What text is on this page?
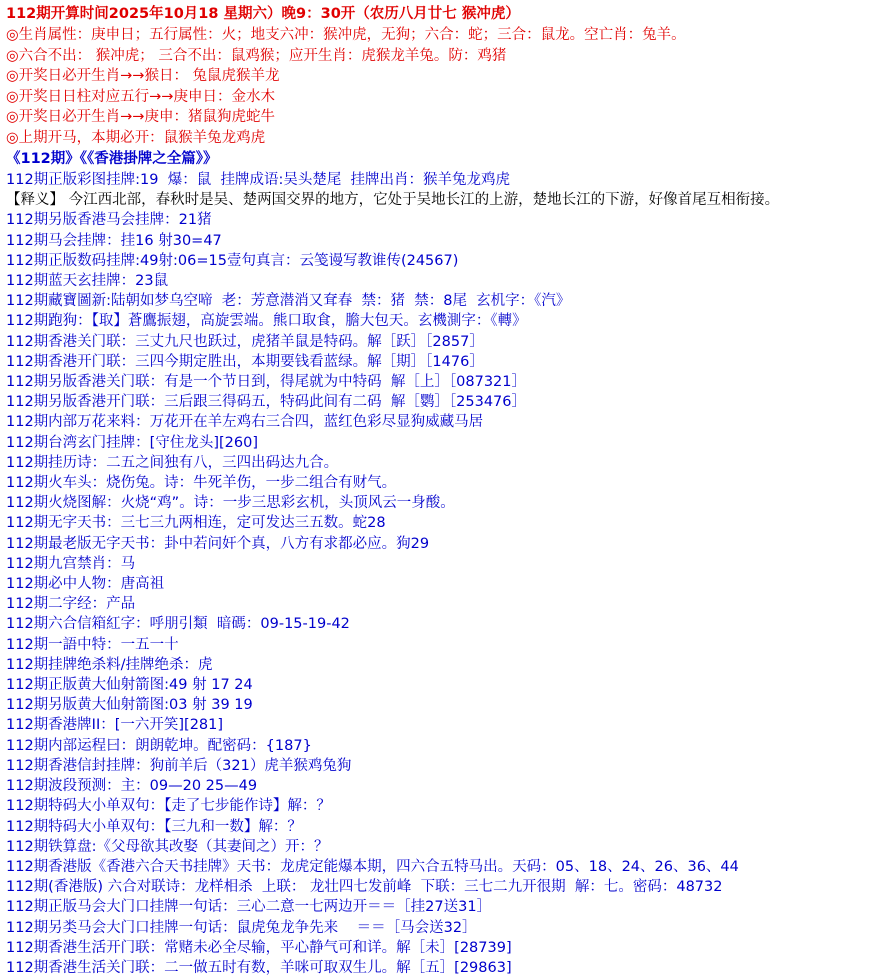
112期开算时间2025年10月18 星期六）晚9：30开（农历八月廿七 猴冲虎）
◎生肖属性：庚申日；五行属性：火；地支六冲：猴冲虎，无狗；六合：蛇；三合：鼠龙。空亡肖：兔羊。
◎六合不出： 猴冲虎； 三合不出：鼠鸡猴；应开生肖：虎猴龙羊兔。防：鸡猪
◎开奖日必开生肖→→猴日： 兔鼠虎猴羊龙
◎开奖日日柱对应五行→→庚申日：金水木
◎开奖日必开生肖→→庚申：猪鼠狗虎蛇牛
◎上期开马，本期必开：鼠猴羊兔龙鸡虎
《112期》《《香港掛牌之全篇》》
112期正版彩图挂牌:19  爆：鼠  挂牌成语:吴头楚尾  挂牌出肖：猴羊兔龙鸡虎
【释义】 今江西北部，春秋时是吴、楚两国交界的地方，它处于吴地长江的上游，楚地长江的下游，好像首尾互相衔接。
112期另版香港马会挂牌：21猪
112期马会挂牌：挂16 射30=47
112期正版数码挂牌:49射:06=15壹句真言：云笺谩写教谁传(24567)
112期蓝天玄挂牌：23鼠
112期藏寶圖新:陆朝如梦乌空啼  老：芳意潜消又耷春  禁：猪  禁：8尾  玄机字：《汽》
112期跑狗：【取】蒼鷹振翅，高旋雲端。熊口取食，膽大包天。玄機測字：《轉》
112期香港关门联：三丈九尺也跃过，虎猪羊鼠是特码。解［跃］［2857］
112期香港开门联：三四今期定胜出，本期要钱看蓝绿。解［期］［1476］
112期另版香港关门联：有是一个节日到，得尾就为中特码  解［上］［087321］
112期另版香港开门联：三后跟三得码五，特码此间有二码  解［鹦］［253476］
112期内部万花来料：万花开在羊左鸡右三合四，蓝红色彩尽显狗威藏马居
112期台湾玄门挂牌：[守住龙头][260]
112期挂历诗：二五之间独有八，三四出码达九合。
112期火车头：烧伤兔。诗：牛死羊伤，一步二组合有财气。
112期火烧图解：火烧“鸡”。诗：一步三思彩玄机，头顶风云一身酸。
112期无字天书：三七三九两相连，定可发达三五数。蛇28
112期最老版无字天书：卦中若问奸个真，八方有求都必应。狗29
112期九宫禁肖：马
112期必中人物：唐高祖
112期二字经：产品
112期六合信箱紅字：呼朋引類  暗碼：09-15-19-42
112期一語中特：一五一十
112期挂牌绝杀料/挂牌绝杀：虎
112期正版黄大仙射箭图:49 射 17 24
112期另版黄大仙射箭图:03 射 39 19
112期香港牌II：[一六开笑][281]
112期内部运程曰：朗朗乾坤。配密码：{187}
112期香港信封挂牌：狗前羊后（321）虎羊猴鸡兔狗
112期波段预测：主：09—20 25—49
112期特码大小单双句：【走了七步能作诗】解：？
112期特码大小单双句：【三九和一数】解：？
112期铁算盘:《父母欲其改娶（其妻间之）开：？
112期香港版《香港六合天书挂牌》天书：龙虎定能爆本期，四六合五特马出。天码：05、18、24、26、36、44
112期(香港版) 六合对联诗：龙样相杀  上联： 龙壮四七发前峰  下联：三七二九开很期  解：七。密码：48732
112期正版马会大门口挂牌一句话：三心二意一七两边开＝＝［挂27送31］
112期另类马会大门口挂牌一句话：鼠虎兔龙争先来    ＝＝［马会送32］
112期香港生活开门联：常赌未必全尽输，平心静气可和详。解［未］[28739]
112期香港生活关门联：二一做五时有数，羊咪可取双生儿。解［五］[29863]
